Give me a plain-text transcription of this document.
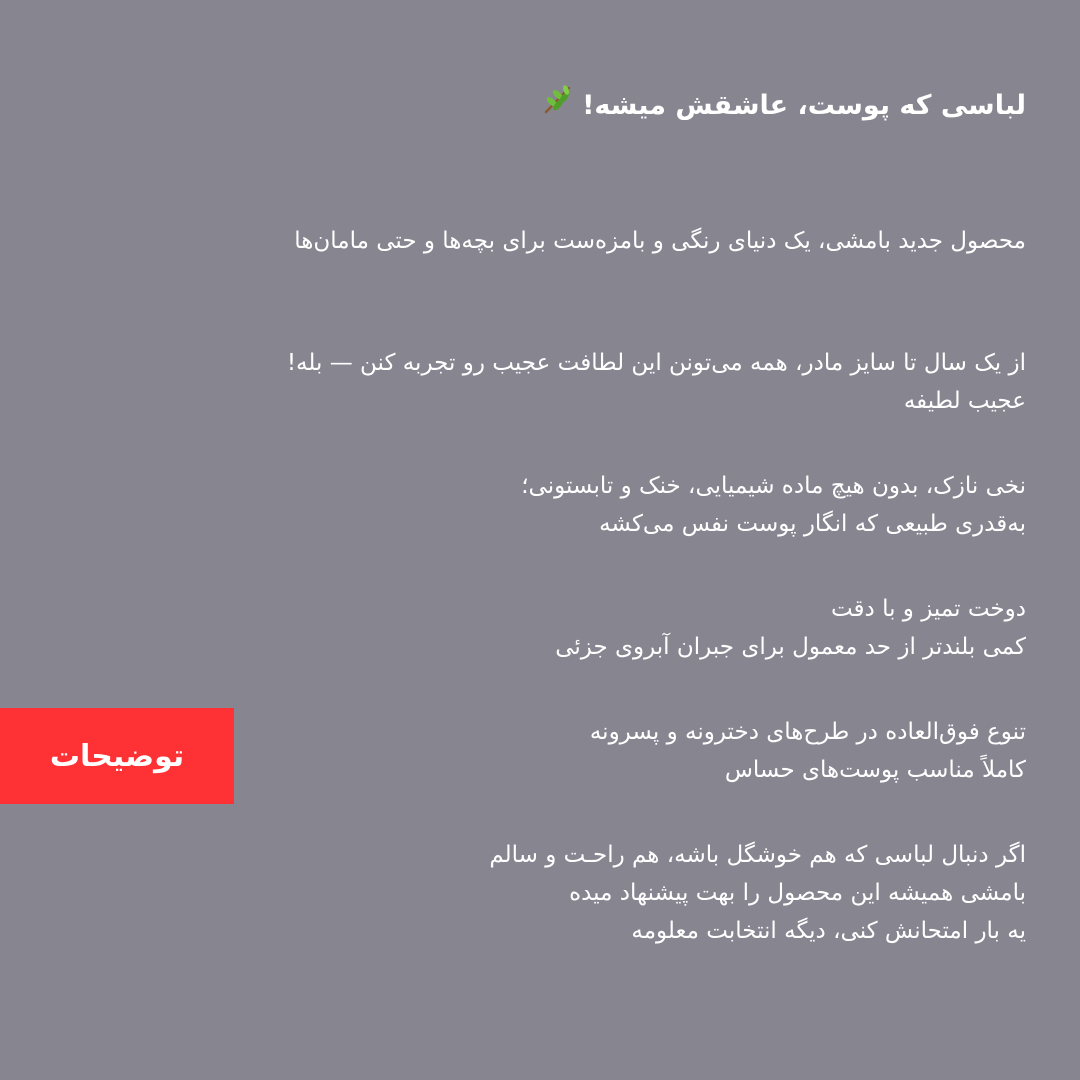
لباسی که پوست، عاشقش میشه!
محصول جدید بامشی، یک دنیای رنگی و بامزه‌ست برای بچه‌ها و حتی مامان‌ها
از یک سال تا سایز مادر، همه می‌تونن این لطافت عجیب رو تجربه کنن — بله!
عجیب لطیفه
نخی نازک، بدون هیچ ماده شیمیایی، خنک و تابستونی؛
به‌قدری طبیعی که انگار پوست نفس می‌کشه
دوخت تمیز و با دقت
کمی بلندتر از حد معمول برای جبران آبروی جزئی
تنوع فوق‌العاده در طرح‌های دخترونه و پسرونه
کاملاً مناسب پوست‌های حساس
اگر دنبال لباسی که هم خوشگل باشه، هم راحـت و سالم
بامشی همیشه این محصول را بهت پیشنهاد میده
یه بار امتحانش کنی، دیگه انتخابت معلومه
توضیحات
